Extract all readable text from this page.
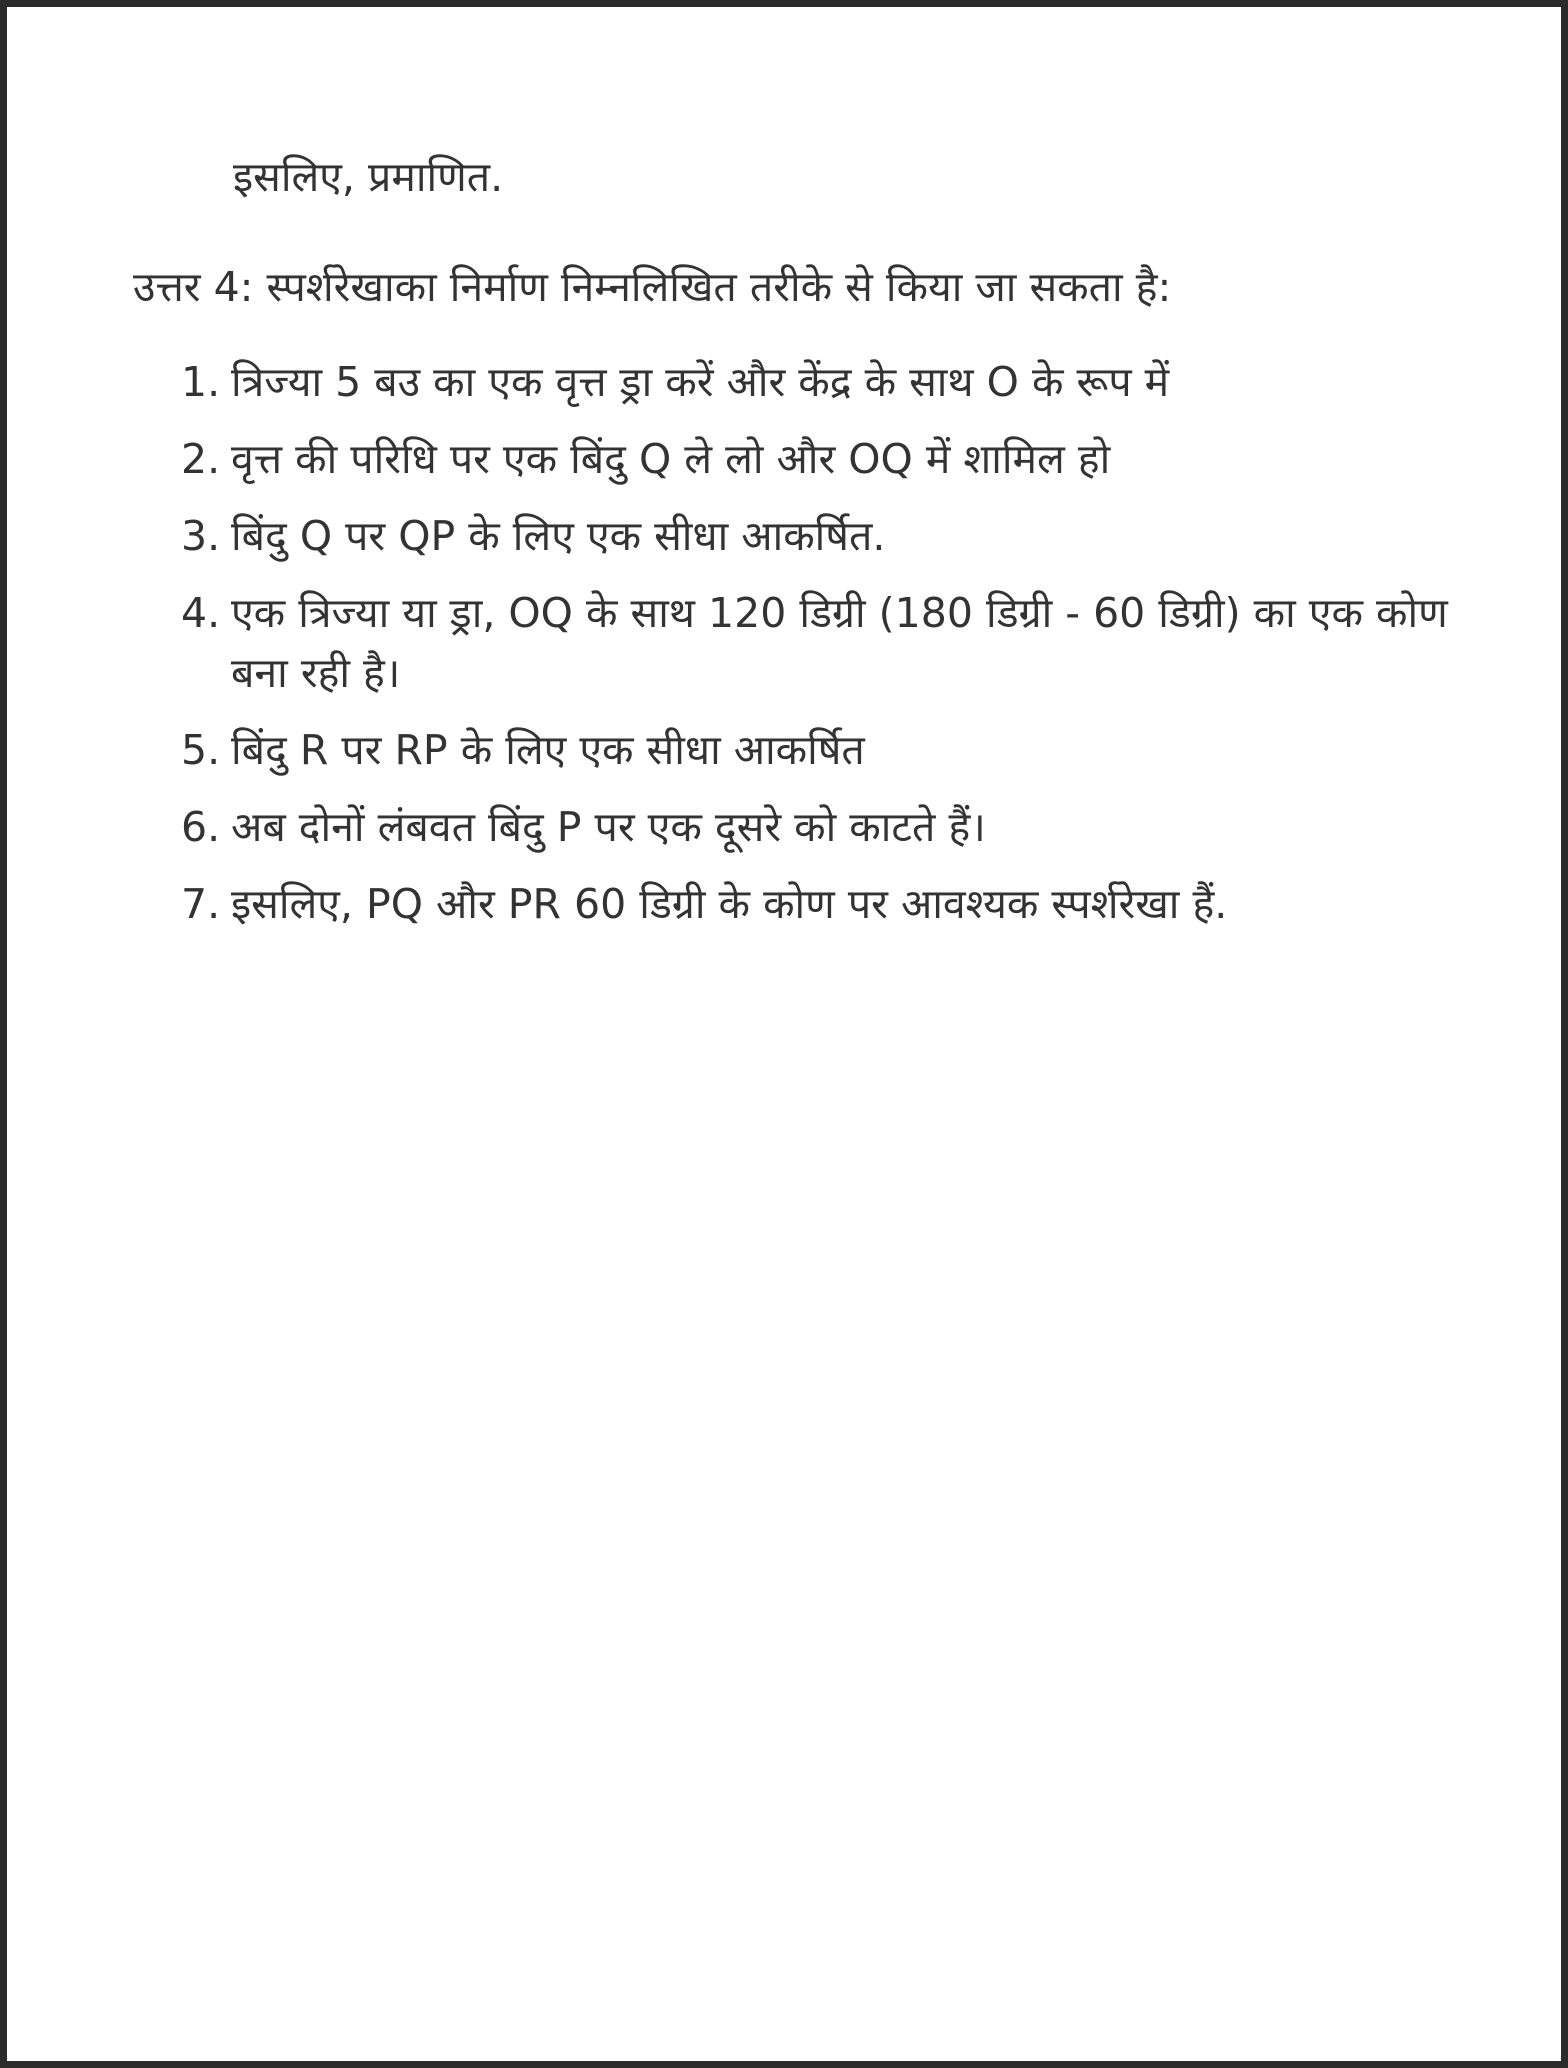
इसलिए, प्रमाणित.
उत्तर 4: स्पर्शरेखाका निर्माण निम्नलिखित तरीके से किया जा सकता है:
1. त्रिज्या 5 बउ का एक वृत्त ड्रा करें और केंद्र के साथ O के रूप में
2. वृत्त की परिधि पर एक बिंदु Q ले लो और OQ में शामिल हो
3. बिंदु Q पर QP के लिए एक सीधा आकर्षित.
4. एक त्रिज्या या ड्रा, OQ के साथ 120 डिग्री (180 डिग्री - 60 डिग्री) का एक कोण बना रही है।
5. बिंदु R पर RP के लिए एक सीधा आकर्षित
6. अब दोनों लंबवत बिंदु P पर एक दूसरे को काटते हैं।
7. इसलिए, PQ और PR 60 डिग्री के कोण पर आवश्यक स्पर्शरेखा हैं.
